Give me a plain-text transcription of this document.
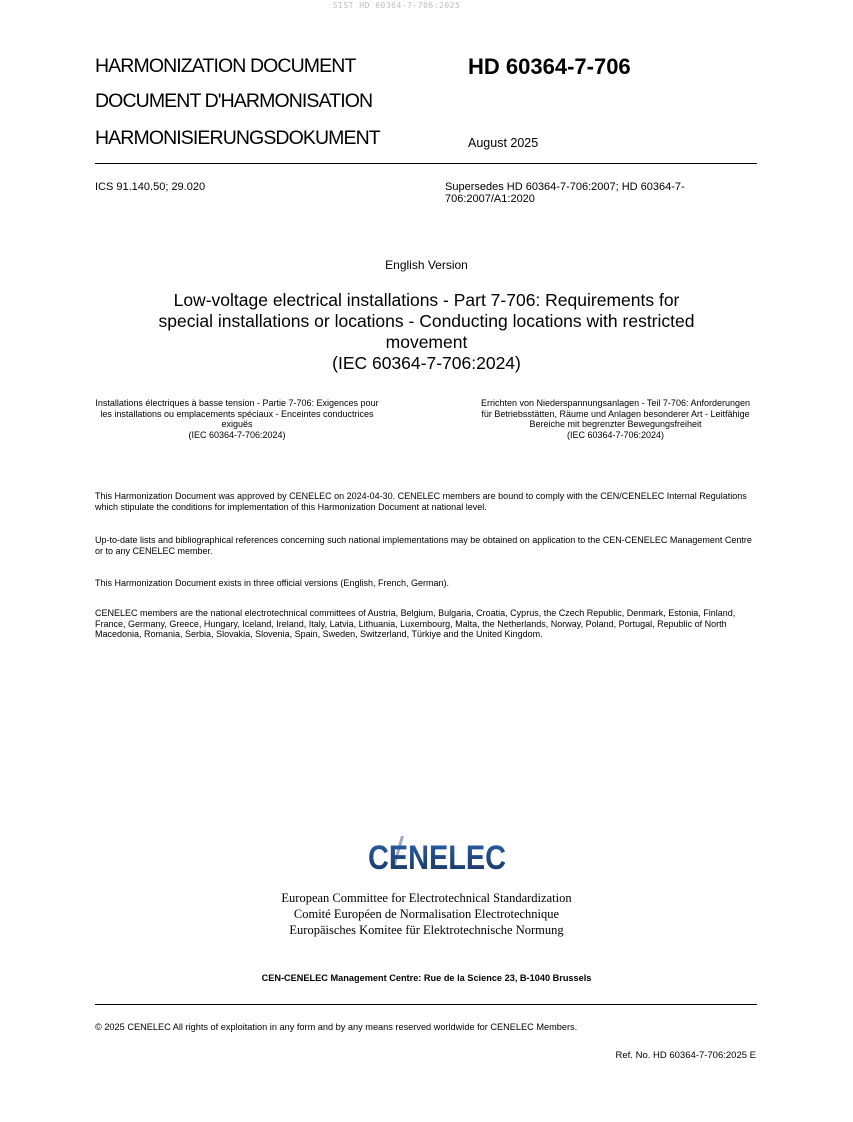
SIST HD 60364-7-706:2025
HARMONIZATION DOCUMENT
DOCUMENT D'HARMONISATION
HARMONISIERUNGSDOKUMENT
HD 60364-7-706
August 2025
ICS 91.140.50; 29.020	Supersedes HD 60364-7-706:2007; HD 60364-7-706:2007/A1:2020
English Version
Low-voltage electrical installations - Part 7-706: Requirements for special installations or locations - Conducting locations with restricted movement
(IEC 60364-7-706:2024)
Installations électriques à basse tension - Partie 7-706: Exigences pour les installations ou emplacements spéciaux - Enceintes conductrices exiguës
(IEC 60364-7-706:2024)
Errichten von Niederspannungsanlagen - Teil 7-706: Anforderungen für Betriebsstätten, Räume und Anlagen besonderer Art - Leitfähige Bereiche mit begrenzter Bewegungsfreiheit
(IEC 60364-7-706:2024)
This Harmonization Document was approved by CENELEC on 2024-04-30. CENELEC members are bound to comply with the CEN/CENELEC Internal Regulations which stipulate the conditions for implementation of this Harmonization Document at national level.
Up-to-date lists and bibliographical references concerning such national implementations may be obtained on application to the CEN-CENELEC Management Centre or to any CENELEC member.
This Harmonization Document exists in three official versions (English, French, German).
CENELEC members are the national electrotechnical committees of Austria, Belgium, Bulgaria, Croatia, Cyprus, the Czech Republic, Denmark, Estonia, Finland, France, Germany, Greece, Hungary, Iceland, Ireland, Italy, Latvia, Lithuania, Luxembourg, Malta, the Netherlands, Norway, Poland, Portugal, Republic of North Macedonia, Romania, Serbia, Slovakia, Slovenia, Spain, Sweden, Switzerland, Türkiye and the United Kingdom.
CENELEC
European Committee for Electrotechnical Standardization
Comité Européen de Normalisation Electrotechnique
Europäisches Komitee für Elektrotechnische Normung
CEN-CENELEC Management Centre: Rue de la Science 23, B-1040 Brussels
© 2025 CENELEC All rights of exploitation in any form and by any means reserved worldwide for CENELEC Members.
Ref. No. HD 60364-7-706:2025 E
